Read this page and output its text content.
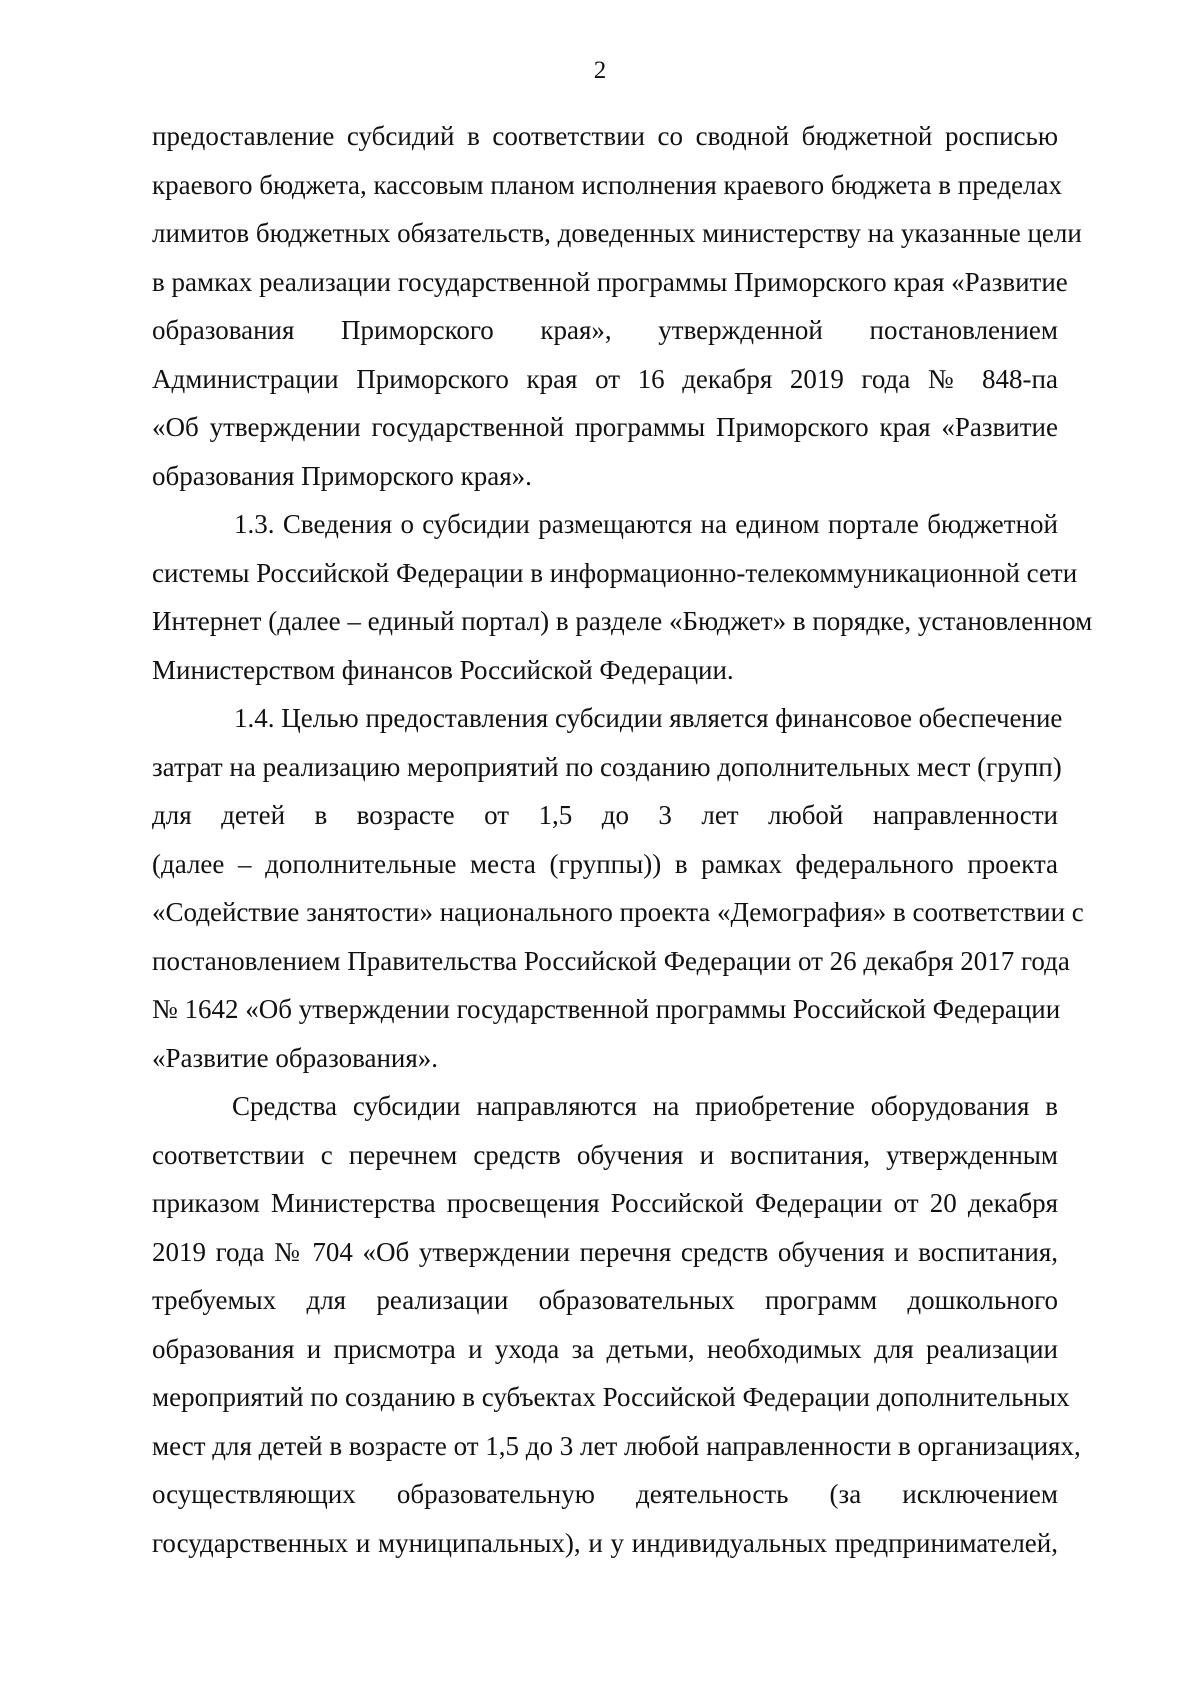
2
предоставление субсидий в соответствии со сводной бюджетной росписью
краевого бюджета, кассовым планом исполнения краевого бюджета в пределах
лимитов бюджетных обязательств, доведенных министерству на указанные цели
в рамках реализации государственной программы Приморского края «Развитие
образования Приморского края», утвержденной постановлением
Администрации Приморского края от 16 декабря 2019 года № 848-па
«Об утверждении государственной программы Приморского края «Развитие
образования Приморского края».
1.3. Сведения о субсидии размещаются на едином портале бюджетной
системы Российской Федерации в информационно-телекоммуникационной сети
Интернет (далее – единый портал) в разделе «Бюджет» в порядке, установленном
Министерством финансов Российской Федерации.
1.4. Целью предоставления субсидии является финансовое обеспечение
затрат на реализацию мероприятий по созданию дополнительных мест (групп)
для детей в возрасте от 1,5 до 3 лет любой направленности
(далее – дополнительные места (группы)) в рамках федерального проекта
«Содействие занятости» национального проекта «Демография» в соответствии с
постановлением Правительства Российской Федерации от 26 декабря 2017 года
№ 1642 «Об утверждении государственной программы Российской Федерации
«Развитие образования».
Средства субсидии направляются на приобретение оборудования в
соответствии с перечнем средств обучения и воспитания, утвержденным
приказом Министерства просвещения Российской Федерации от 20 декабря
2019 года № 704 «Об утверждении перечня средств обучения и воспитания,
требуемых для реализации образовательных программ дошкольного
образования и присмотра и ухода за детьми, необходимых для реализации
мероприятий по созданию в субъектах Российской Федерации дополнительных
мест для детей в возрасте от 1,5 до 3 лет любой направленности в организациях,
осуществляющих образовательную деятельность (за исключением
государственных и муниципальных), и у индивидуальных предпринимателей,
